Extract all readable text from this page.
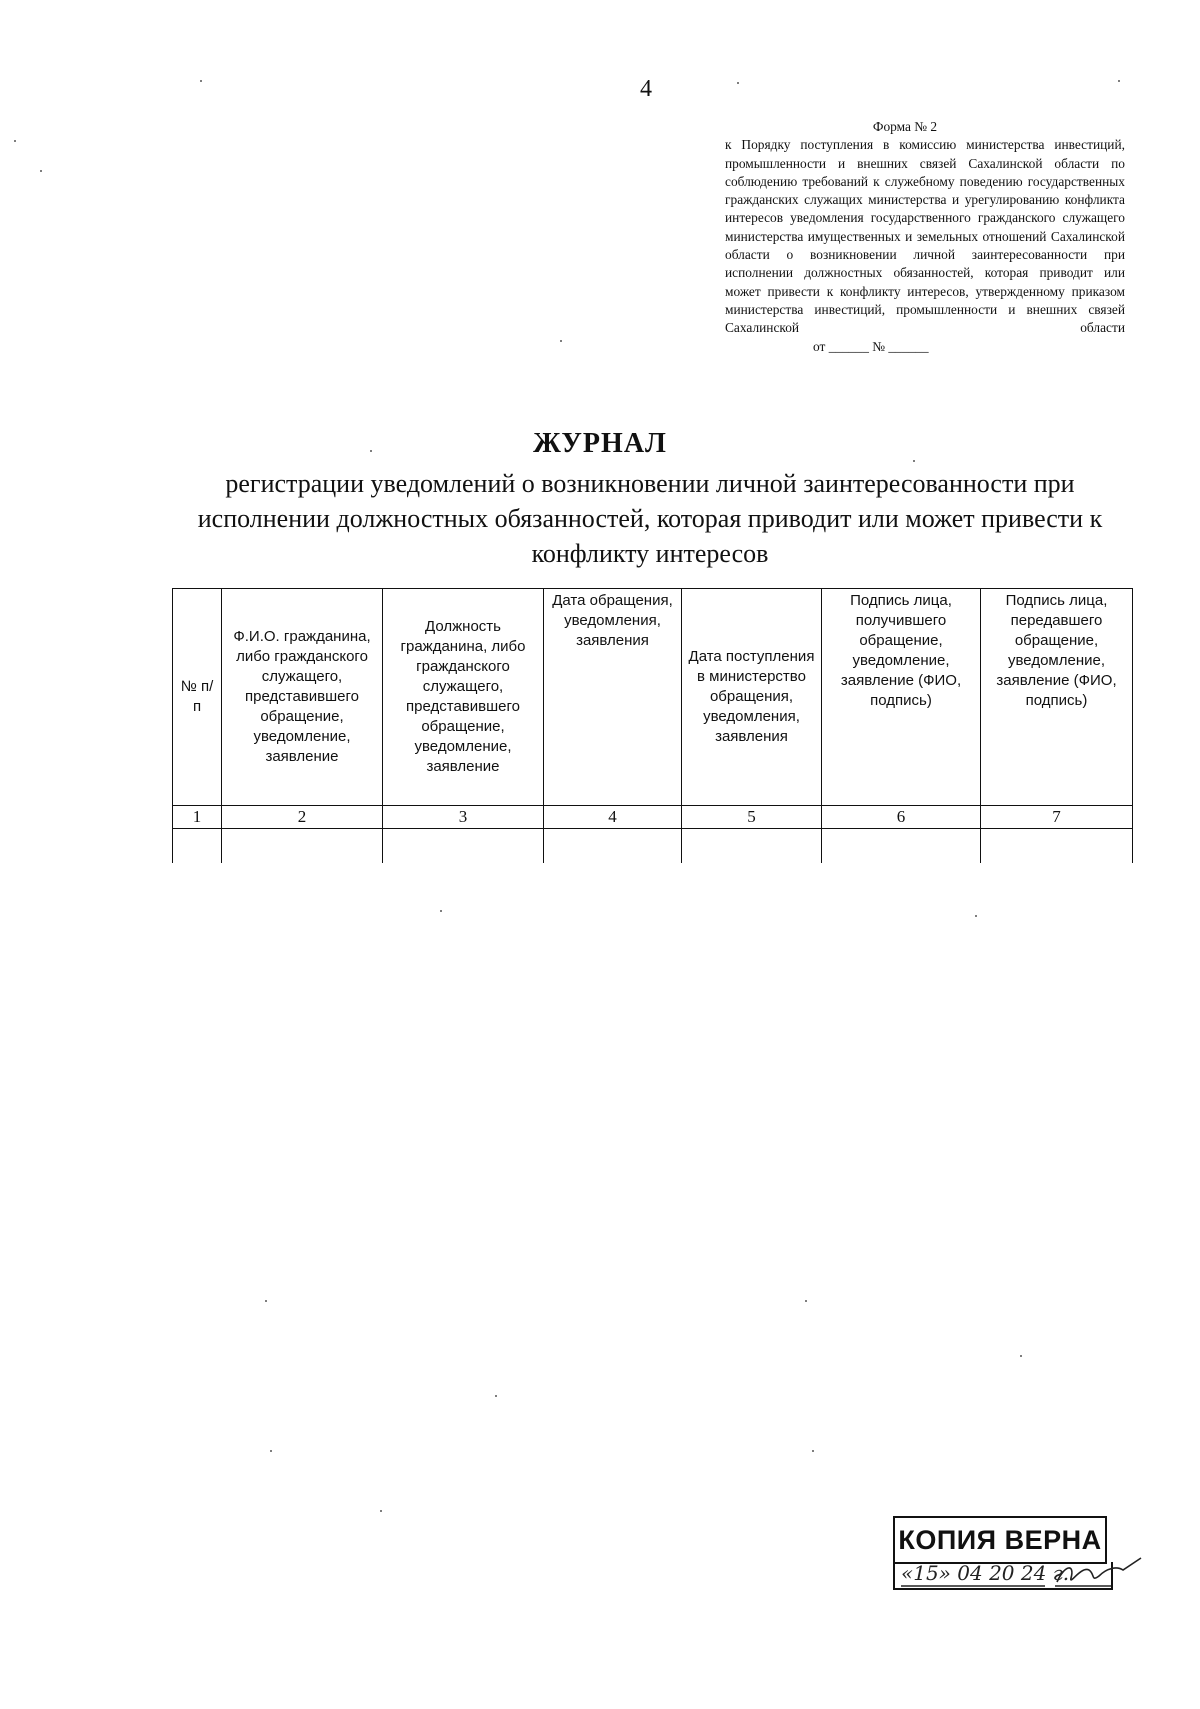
4
Форма № 2
к Порядку поступления в комиссию министерства инвестиций, промышленности и внешних связей Сахалинской области по соблюдению требований к служебному поведению государственных гражданских служащих министерства и урегулированию конфликта интересов уведомления государственного гражданского служащего министерства имущественных и земельных отношений Сахалинской области о возникновении личной заинтересованности при исполнении должностных обязанностей, которая приводит или может привести к конфликту интересов, утвержденному приказом министерства инвестиций, промышленности и внешних связей Сахалинской области
от ______ № ______
ЖУРНАЛ
регистрации уведомлений о возникновении личной заинтересованности при исполнении должностных обязанностей, которая приводит или может привести к конфликту интересов
№ п/п	Ф.И.О. гражданина, либо гражданского служащего, представившего обращение, уведомление, заявление	Должность гражданина, либо гражданского служащего, представившего обращение, уведомление, заявление	Дата обращения, уведомления, заявления	Дата поступления в министерство обращения, уведомления, заявления	Подпись лица, получившего обращение, уведомление, заявление (ФИО, подпись)	Подпись лица, передавшего обращение, уведомление, заявление (ФИО, подпись)
1	2	3	4	5	6	7

КОПИЯ ВЕРНА
«15» 04 20 24 г.
